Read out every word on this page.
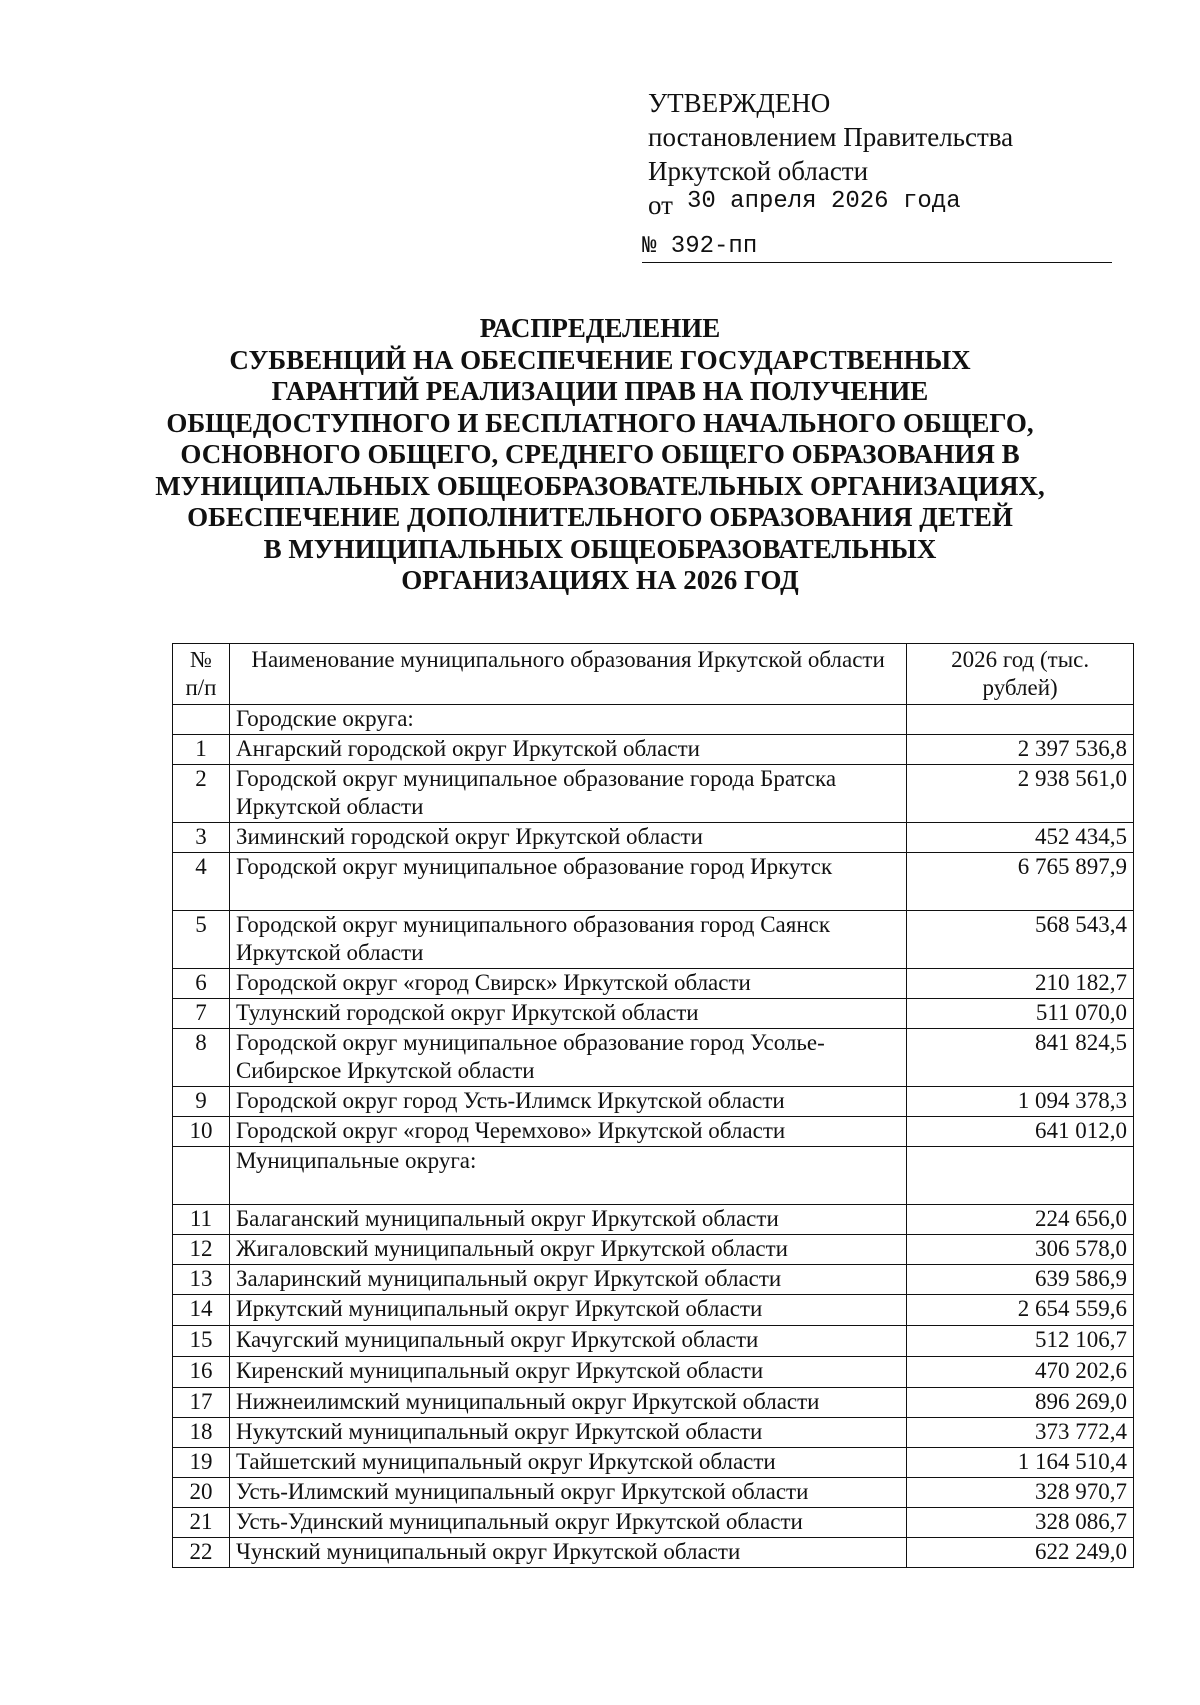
УТВЕРЖДЕНО
постановлением Правительства
Иркутской области
от 30 апреля 2026 года
№ 392-пп
РАСПРЕДЕЛЕНИЕ
СУБВЕНЦИЙ НА ОБЕСПЕЧЕНИЕ ГОСУДАРСТВЕННЫХ
ГАРАНТИЙ РЕАЛИЗАЦИИ ПРАВ НА ПОЛУЧЕНИЕ
ОБЩЕДОСТУПНОГО И БЕСПЛАТНОГО НАЧАЛЬНОГО ОБЩЕГО,
ОСНОВНОГО ОБЩЕГО, СРЕДНЕГО ОБЩЕГО ОБРАЗОВАНИЯ В
МУНИЦИПАЛЬНЫХ ОБЩЕОБРАЗОВАТЕЛЬНЫХ ОРГАНИЗАЦИЯХ,
ОБЕСПЕЧЕНИЕ ДОПОЛНИТЕЛЬНОГО ОБРАЗОВАНИЯ ДЕТЕЙ
В МУНИЦИПАЛЬНЫХ ОБЩЕОБРАЗОВАТЕЛЬНЫХ
ОРГАНИЗАЦИЯХ НА 2026 ГОД
№ п/п	Наименование муниципального образования Иркутской области	2026 год (тыс. рублей)
	Городские округа:	
1	Ангарский городской округ Иркутской области	2 397 536,8
2	Городской округ муниципальное образование города Братска Иркутской области	2 938 561,0
3	Зиминский городской округ Иркутской области	452 434,5
4	Городской округ муниципальное образование город Иркутск	6 765 897,9
5	Городской округ муниципального образования город Саянск Иркутской области	568 543,4
6	Городской округ «город Свирск» Иркутской области	210 182,7
7	Тулунский городской округ Иркутской области	511 070,0
8	Городской округ муниципальное образование город Усолье-Сибирское Иркутской области	841 824,5
9	Городской округ город Усть-Илимск Иркутской области	1 094 378,3
10	Городской округ «город Черемхово» Иркутской области	641 012,0
	Муниципальные округа:	
11	Балаганский муниципальный округ Иркутской области	224 656,0
12	Жигаловский муниципальный округ Иркутской области	306 578,0
13	Заларинский муниципальный округ Иркутской области	639 586,9
14	Иркутский муниципальный округ Иркутской области	2 654 559,6
15	Качугский муниципальный округ Иркутской области	512 106,7
16	Киренский муниципальный округ Иркутской области	470 202,6
17	Нижнеилимский муниципальный округ Иркутской области	896 269,0
18	Нукутский муниципальный округ Иркутской области	373 772,4
19	Тайшетский муниципальный округ Иркутской области	1 164 510,4
20	Усть-Илимский муниципальный округ Иркутской области	328 970,7
21	Усть-Удинский муниципальный округ Иркутской области	328 086,7
22	Чунский муниципальный округ Иркутской области	622 249,0
